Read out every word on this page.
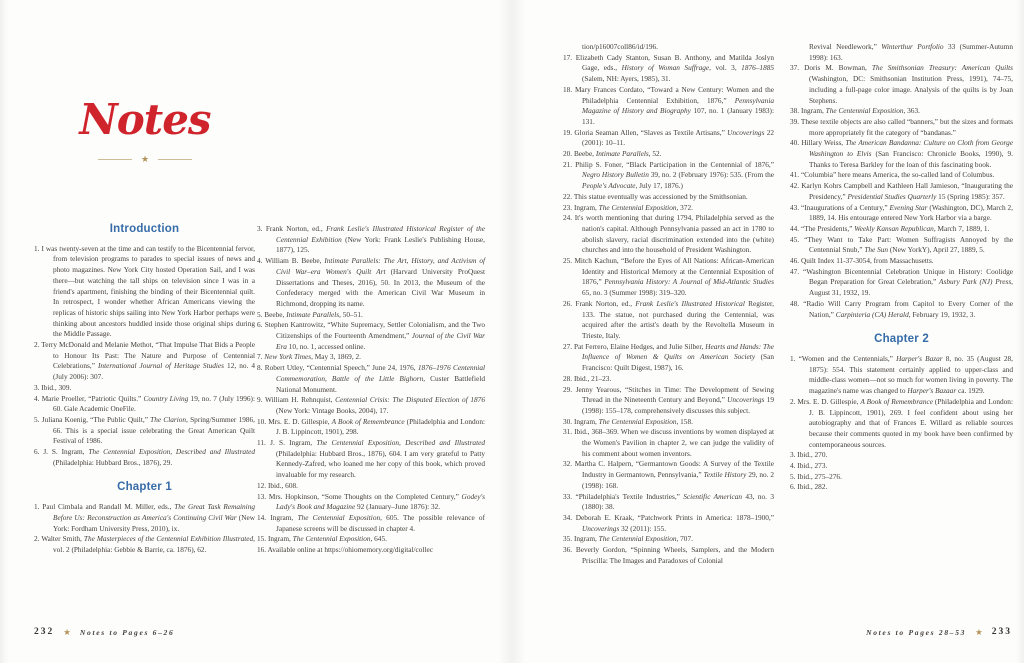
Notes
★
Introduction
1. I was twenty-seven at the time and can testify to the Bicentennial fervor, from television programs to parades to special issues of news and photo magazines. New York City hosted Operation Sail, and I was there—but watching the tall ships on television since I was in a friend's apartment, finishing the binding of their Bicentennial quilt. In retrospect, I wonder whether African Americans viewing the replicas of historic ships sailing into New York Harbor perhaps were thinking about ancestors huddled inside those original ships during the Middle Passage.
2. Terry McDonald and Melanie Methot, “That Impulse That Bids a People to Honour Its Past: The Nature and Purpose of Centennial Celebrations,” International Journal of Heritage Studies 12, no. 4 (July 2006): 307.
3. Ibid., 309.
4. Marie Proeller, “Patriotic Quilts.” Country Living 19, no. 7 (July 1996): 60. Gale Academic OneFile.
5. Juliana Koenig, “The Public Quilt,” The Clarion, Spring/Summer 1986, 66. This is a special issue celebrating the Great American Quilt Festival of 1986.
6. J. S. Ingram, The Centennial Exposition, Described and Illustrated (Philadelphia: Hubbard Bros., 1876), 29.
Chapter 1
1. Paul Cimbala and Randall M. Miller, eds., The Great Task Remaining Before Us: Reconstruction as America's Continuing Civil War (New York: Fordham University Press, 2010), ix.
2. Walter Smith, The Masterpieces of the Centennial Exhibition Illustrated, vol. 2 (Philadelphia: Gebbie & Barrie, ca. 1876), 62.
3. Frank Norton, ed., Frank Leslie's Illustrated Historical Register of the Centennial Exhibition (New York: Frank Leslie's Publishing House, 1877), 125.
4. William B. Beebe, Intimate Parallels: The Art, History, and Activism of Civil War–era Women's Quilt Art (Harvard University ProQuest Dissertations and Theses, 2016), 50. In 2013, the Museum of the Confederacy merged with the American Civil War Museum in Richmond, dropping its name.
5. Beebe, Intimate Parallels, 50–51.
6. Stephen Kantrowitz, “White Supremacy, Settler Colonialism, and the Two Citizenships of the Fourteenth Amendment,” Journal of the Civil War Era 10, no. 1, accessed online.
7. New York Times, May 3, 1869, 2.
8. Robert Utley, “Centennial Speech,” June 24, 1976, 1876–1976 Centennial Commemoration, Battle of the Little Bighorn, Custer Battlefield National Monument.
9. William H. Rehnquist, Centennial Crisis: The Disputed Election of 1876 (New York: Vintage Books, 2004), 17.
10. Mrs. E. D. Gillespie, A Book of Remembrance (Philadelphia and London: J. B. Lippincott, 1901), 298.
11. J. S. Ingram, The Centennial Exposition, Described and Illustrated (Philadelphia: Hubbard Bros., 1876), 604. I am very grateful to Patty Kennedy-Zafred, who loaned me her copy of this book, which proved invaluable for my research.
12. Ibid., 608.
13. Mrs. Hopkinson, “Some Thoughts on the Completed Century,” Godey's Lady's Book and Magazine 92 (January–June 1876): 32.
14. Ingram, The Centennial Exposition, 605. The possible relevance of Japanese screens will be discussed in chapter 4.
15. Ingram, The Centennial Exposition, 645.
16. Available online at https://ohiomemory.org/digital/collec
tion/p16007coll86/id/196.
17. Elizabeth Cady Stanton, Susan B. Anthony, and Matilda Joslyn Gage, eds., History of Woman Suffrage, vol. 3, 1876–1885 (Salem, NH: Ayers, 1985), 31.
18. Mary Frances Cordato, “Toward a New Century: Women and the Philadelphia Centennial Exhibition, 1876,” Pennsylvania Magazine of History and Biography 107, no. 1 (January 1983): 131.
19. Gloria Seaman Allen, “Slaves as Textile Artisans,” Uncoverings 22 (2001): 10–11.
20. Beebe, Intimate Parallels, 52.
21. Philip S. Foner, “Black Participation in the Centennial of 1876,” Negro History Bulletin 39, no. 2 (February 1976): 535. (From the People's Advocate, July 17, 1876.)
22. This statue eventually was accessioned by the Smithsonian.
23. Ingram, The Centennial Exposition, 372.
24. It's worth mentioning that during 1794, Philadelphia served as the nation's capital. Although Pennsylvania passed an act in 1780 to abolish slavery, racial discrimination extended into the (white) churches and into the household of President Washington.
25. Mitch Kachun, “Before the Eyes of All Nations: African-American Identity and Historical Memory at the Centennial Exposition of 1876,” Pennsylvania History: A Journal of Mid-Atlantic Studies 65, no. 3 (Summer 1998): 319–320.
26. Frank Norton, ed., Frank Leslie's Illustrated Historical Register, 133. The statue, not purchased during the Centennial, was acquired after the artist's death by the Revoltella Museum in Trieste, Italy.
27. Pat Ferrero, Elaine Hedges, and Julie Silber, Hearts and Hands: The Influence of Women & Quilts on American Society (San Francisco: Quilt Digest, 1987), 16.
28. Ibid., 21–23.
29. Jenny Yearous, “Stitches in Time: The Development of Sewing Thread in the Nineteenth Century and Beyond,” Uncoverings 19 (1998): 155–178, comprehensively discusses this subject.
30. Ingram, The Centennial Exposition, 158.
31. Ibid., 368–369. When we discuss inventions by women displayed at the Women's Pavilion in chapter 2, we can judge the validity of his comment about women inventors.
32. Martha C. Halpern, “Germantown Goods: A Survey of the Textile Industry in Germantown, Pennsylvania,” Textile History 29, no. 2 (1998): 168.
33. “Philadelphia's Textile Industries,” Scientific American 43, no. 3 (1880): 38.
34. Deborah E. Kraak, “Patchwork Prints in America: 1878–1900,” Uncoverings 32 (2011): 155.
35. Ingram, The Centennial Exposition, 707.
36. Beverly Gordon, “Spinning Wheels, Samplers, and the Modern Priscilla: The Images and Paradoxes of Colonial
Revival Needlework,” Winterthur Portfolio 33 (Summer-Autumn 1998): 163.
37. Doris M. Bowman, The Smithsonian Treasury: American Quilts (Washington, DC: Smithsonian Institution Press, 1991), 74–75, including a full-page color image. Analysis of the quilts is by Joan Stephens.
38. Ingram, The Centennial Exposition, 363.
39. These textile objects are also called “banners,” but the sizes and formats more appropriately fit the category of “bandanas.”
40. Hillary Weiss, The American Bandanna: Culture on Cloth from George Washington to Elvis (San Francisco: Chronicle Books, 1990), 9. Thanks to Teresa Barkley for the loan of this fascinating book.
41. “Columbia” here means America, the so-called land of Columbus.
42. Karlyn Kohrs Campbell and Kathleen Hall Jamieson, “Inaugurating the Presidency,” Presidential Studies Quarterly 15 (Spring 1985): 357.
43. “Inaugurations of a Century,” Evening Star (Washington, DC), March 2, 1889, 14. His entourage entered New York Harbor via a barge.
44. “The Presidents,” Weekly Kansan Republican, March 7, 1889, 1.
45. “They Want to Take Part: Women Suffragists Annoyed by the Centennial Snub,” The Sun (New YorkY), April 27, 1889, 5.
46. Quilt Index 11-37-3054, from Massachusetts.
47. “Washington Bicentennial Celebration Unique in History: Coolidge Began Preparation for Great Celebration,” Asbury Park (NJ) Press, August 31, 1932, 19.
48. “Radio Will Carry Program from Capitol to Every Corner of the Nation,” Carpinteria (CA) Herald, February 19, 1932, 3.
Chapter 2
1. “Women and the Centennials,” Harper's Bazar 8, no. 35 (August 28, 1875): 554. This statement certainly applied to upper-class and middle-class women—not so much for women living in poverty. The magazine's name was changed to Harper's Bazaar ca. 1929.
2. Mrs. E. D. Gillespie, A Book of Remembrance (Philadelphia and London: J. B. Lippincott, 1901), 269. I feel confident about using her autobiography and that of Frances E. Willard as reliable sources because their comments quoted in my book have been confirmed by contemporaneous sources.
3. Ibid., 270.
4. Ibid., 273.
5. Ibid., 275–276.
6. Ibid., 282.
232 ★ Notes to Pages 6–26	Notes to Pages 28–53 ★ 233
